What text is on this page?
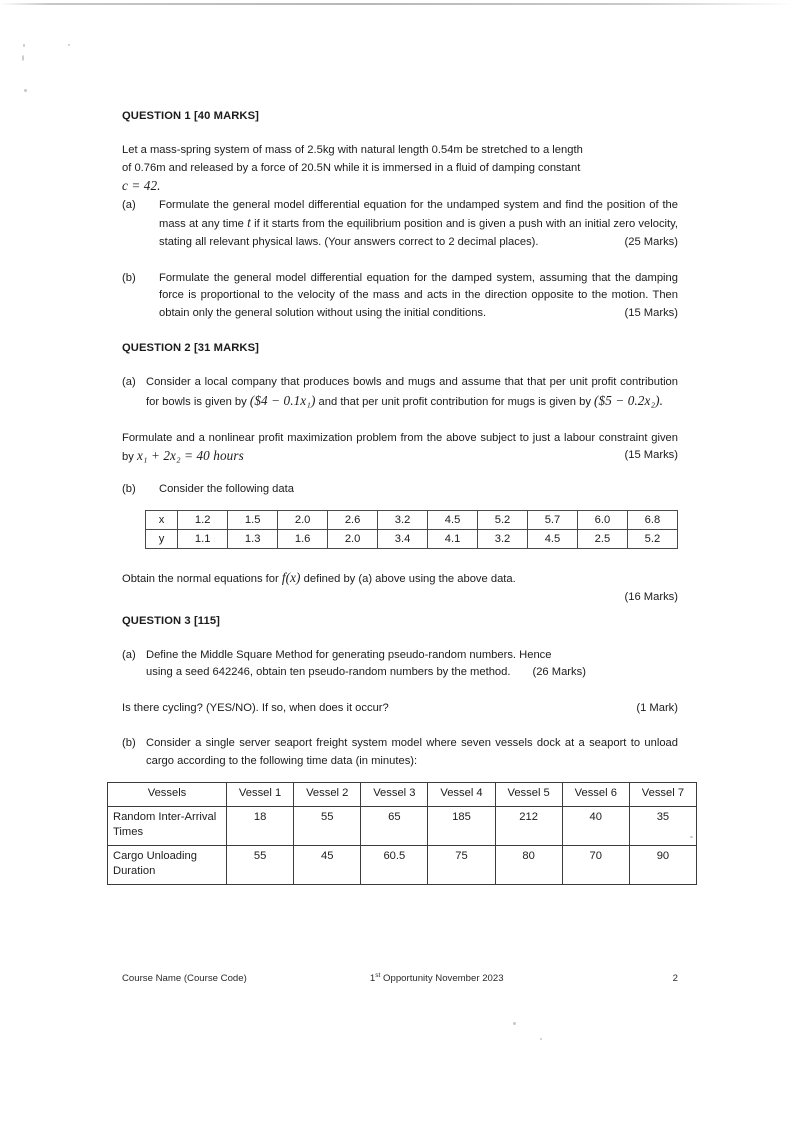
QUESTION 1 [40 MARKS]

Let a mass-spring system of mass of 2.5kg with natural length 0.54m be stretched to a length

of 0.76m and released by a force of 20.5N while it is immersed in a fluid of damping constant

c = 42.

(a)	Formulate the general model differential equation for the undamped system and find the position of the mass at any time t if it starts from the equilibrium position and is given a push with an initial zero velocity, stating all relevant physical laws. (Your answers correct to 2 decimal places).	(25 Marks)
(b)	Formulate the general model differential equation for the damped system, assuming that the damping force is proportional to the velocity of the mass and acts in the direction opposite to the motion. Then obtain only the general solution without using the initial conditions.	(15 Marks)
QUESTION 2 [31 MARKS]
(a) Consider a local company that produces bowls and mugs and assume that that per unit profit contribution for bowls is given by ($4 − 0.1x₁) and that per unit profit contribution for mugs is given by ($5 − 0.2x₂).

Formulate and a nonlinear profit maximization problem from the above subject to just a labour constraint given by x₁ + 2x₂ = 40 hours	(15 Marks)

(b)	Consider the following data
x	1.2	1.5	2.0	2.6	3.2	4.5	5.2	5.7	6.0	6.8
y	1.1	1.3	1.6	2.0	3.4	4.1	3.2	4.5	2.5	5.2

Obtain the normal equations for f(x) defined by (a) above using the above data.

(16 Marks)
QUESTION 3 [115]
(a) Define the Middle Square Method for generating pseudo-random numbers. Hence
using a seed 642246, obtain ten pseudo-random numbers by the method. (26 Marks)

Is there cycling? (YES/NO). If so, when does it occur?	(1 Mark)

(b) Consider a single server seaport freight system model where seven vessels dock at a seaport to unload cargo according to the following time data (in minutes):
Vessels	Vessel 1	Vessel 2	Vessel 3	Vessel 4	Vessel 5	Vessel 6	Vessel 7
Random Inter-Arrival Times	18	55	65	185	212	40	35
Cargo Unloading Duration	55	45	60.5	75	80	70	90
Course Name (Course Code)	1st Opportunity November 2023	2
